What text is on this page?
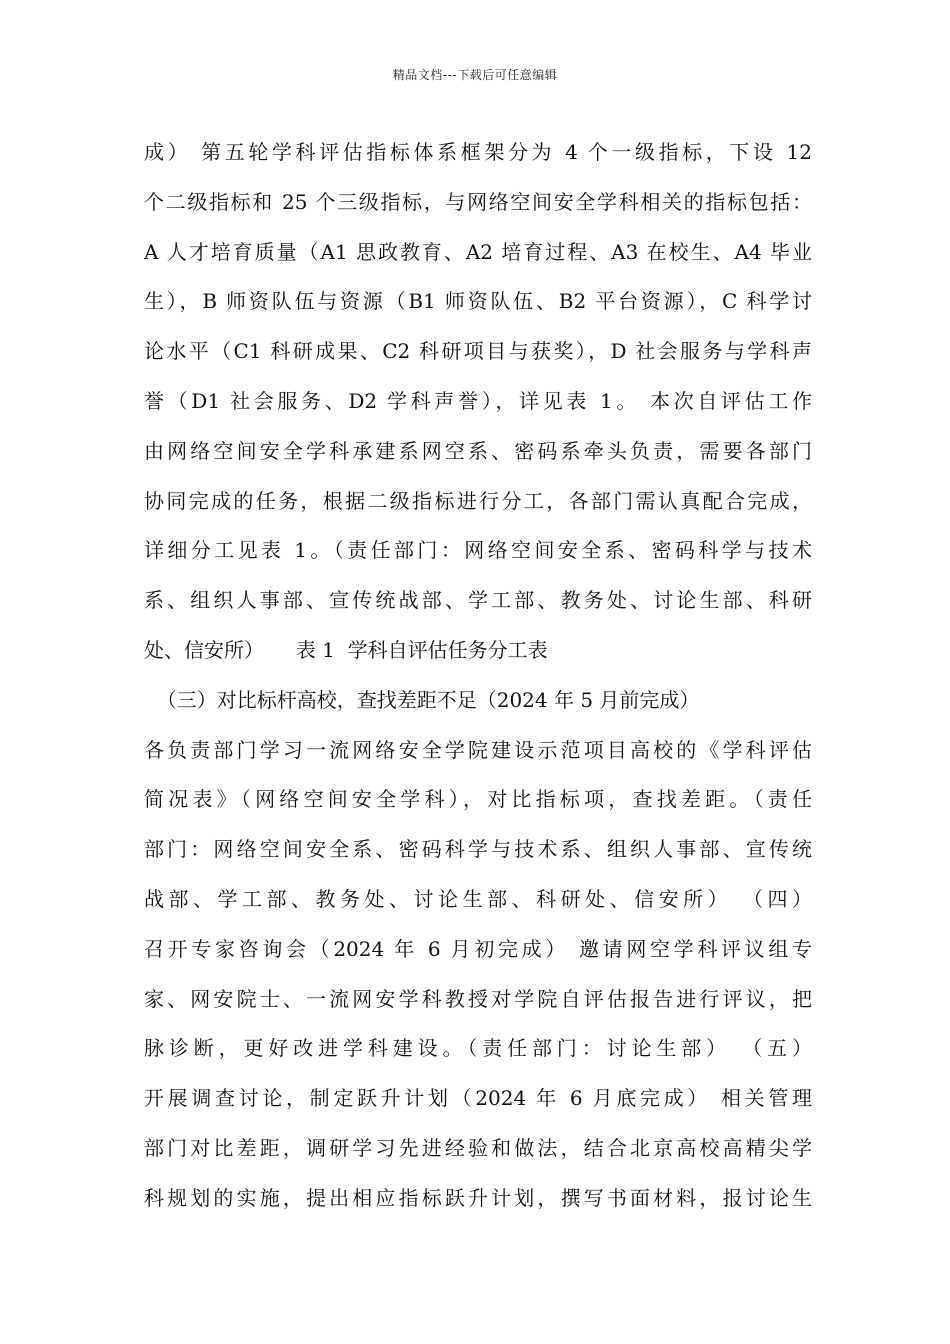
精品文档---下载后可任意编辑
成） 第五轮学科评估指标体系框架分为 4 个一级指标，下设 12
个二级指标和 25 个三级指标，与网络空间安全学科相关的指标包括：
A 人才培育质量（A1 思政教育、A2 培育过程、A3 在校生、A4 毕业
生），B 师资队伍与资源（B1 师资队伍、B2 平台资源），C 科学讨
论水平（C1 科研成果、C2 科研项目与获奖），D 社会服务与学科声
誉（D1 社会服务、D2 学科声誉），详见表 1。 本次自评估工作
由网络空间安全学科承建系网空系、密码系牵头负责，需要各部门
协同完成的任务，根据二级指标进行分工，各部门需认真配合完成，
详细分工见表 1。（责任部门：网络空间安全系、密码科学与技术
系、组织人事部、宣传统战部、学工部、教务处、讨论生部、科研
处、信安所）     表 1  学科自评估任务分工表
（三）对比标杆高校，查找差距不足（2024 年 5 月前完成）
各负责部门学习一流网络安全学院建设示范项目高校的《学科评估
简况表》（网络空间安全学科），对比指标项，查找差距。（责任
部门：网络空间安全系、密码科学与技术系、组织人事部、宣传统
战部、学工部、教务处、讨论生部、科研处、信安所） （四）
召开专家咨询会（2024 年 6 月初完成） 邀请网空学科评议组专
家、网安院士、一流网安学科教授对学院自评估报告进行评议，把
脉诊断，更好改进学科建设。（责任部门：讨论生部） （五）
开展调查讨论，制定跃升计划（2024 年 6 月底完成） 相关管理
部门对比差距，调研学习先进经验和做法，结合北京高校高精尖学
科规划的实施，提出相应指标跃升计划，撰写书面材料，报讨论生
